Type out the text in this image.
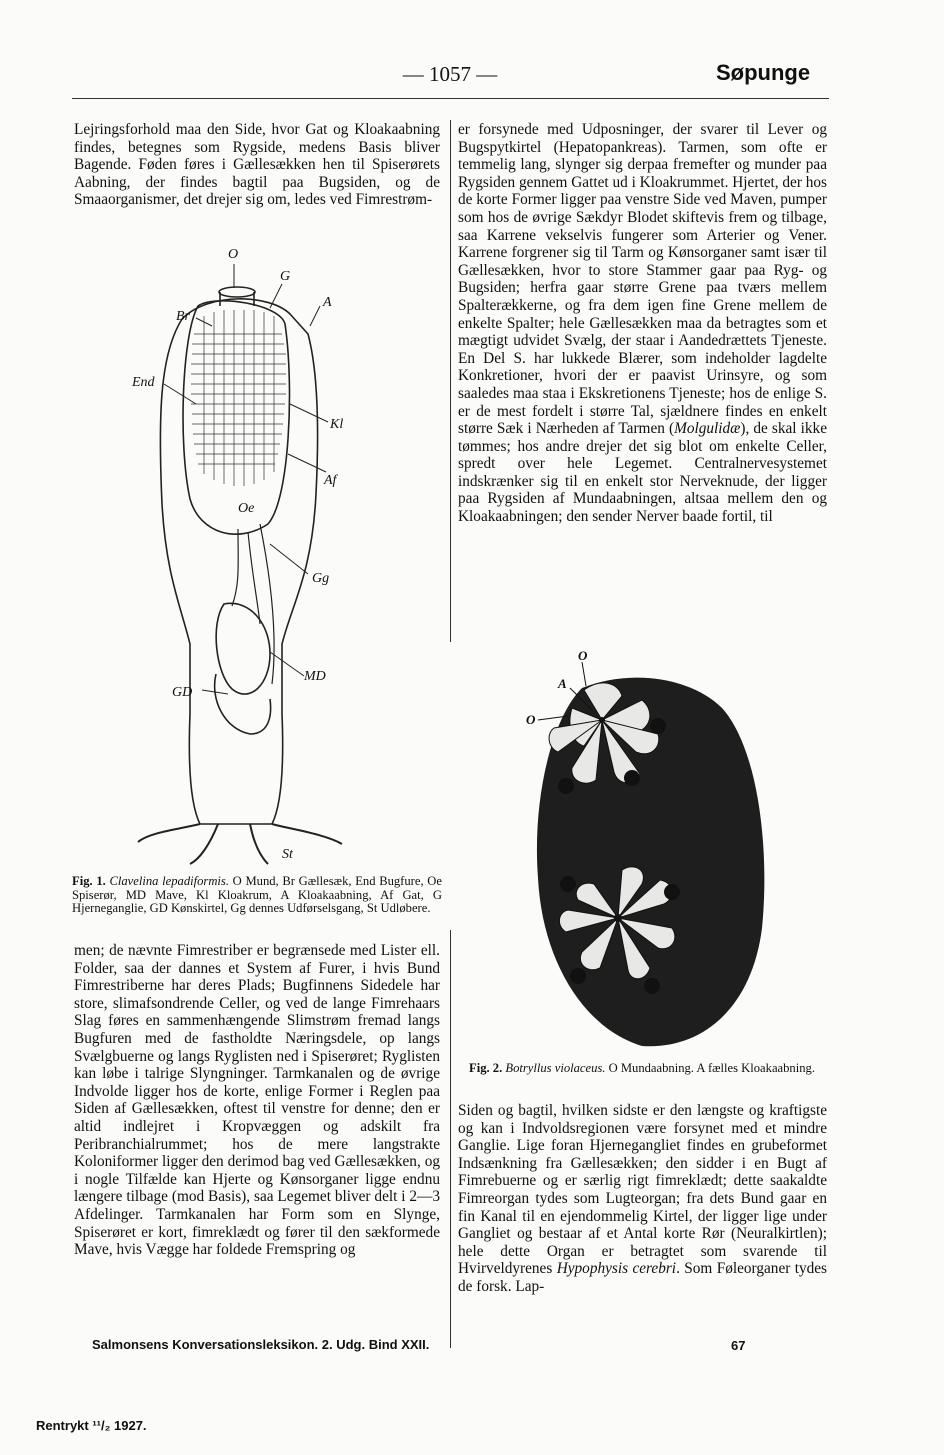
— 1057 —	Søpunge

Lejringsforhold maa den Side, hvor Gat og Kloakaabning findes, betegnes som Rygside, medens Basis bliver Bagende. Føden føres i Gællesækken hen til Spiserørets Aabning, der findes bagtil paa Bugsiden, og de Smaaorganismer, det drejer sig om, ledes ved Fimrestrøm-

O
G
Br
A
End
Kl
Af
Oe
Gg
MD
GD
St
Fig. 1. Clavelina lepadiformis. O Mund, Br Gællesæk, End Bugfure, Oe Spiserør, MD Mave, Kl Kloakrum, A Kloakaabning, Af Gat, G Hjerneganglie, GD Kønskirtel, Gg dennes Udførselsgang, St Udløbere.

men; de nævnte Fimrestriber er begrænsede med Lister ell. Folder, saa der dannes et System af Furer, i hvis Bund Fimrestriberne har deres Plads; Bugfinnens Sidedele har store, slimafsondrende Celler, og ved de lange Fimrehaars Slag føres en sammenhængende Slimstrøm fremad langs Bugfuren med de fastholdte Næringsdele, op langs Svælgbuerne og langs Ryglisten ned i Spiserøret; Ryglisten kan løbe i talrige Slyngninger. Tarmkanalen og de øvrige Indvolde ligger hos de korte, enlige Former i Reglen paa Siden af Gællesækken, oftest til venstre for denne; den er altid indlejret i Kropvæggen og adskilt fra Peribranchialrummet; hos de mere langstrakte Koloniformer ligger den derimod bag ved Gællesækken, og i nogle Tilfælde kan Hjerte og Kønsorganer ligge endnu længere tilbage (mod Basis), saa Legemet bliver delt i 2—3 Afdelinger. Tarmkanalen har Form som en Slynge, Spiserøret er kort, fimreklædt og fører til den sækformede Mave, hvis Vægge har foldede Fremspring og

er forsynede med Udposninger, der svarer til Lever og Bugspytkirtel (Hepatopankreas). Tarmen, som ofte er temmelig lang, slynger sig derpaa fremefter og munder paa Rygsiden gennem Gattet ud i Kloakrummet. Hjertet, der hos de korte Former ligger paa venstre Side ved Maven, pumper som hos de øvrige Sækdyr Blodet skiftevis frem og tilbage, saa Karrene vekselvis fungerer som Arterier og Vener. Karrene forgrener sig til Tarm og Kønsorganer samt især til Gællesækken, hvor to store Stammer gaar paa Ryg- og Bugsiden; herfra gaar større Grene paa tværs mellem Spalterækkerne, og fra dem igen fine Grene mellem de enkelte Spalter; hele Gællesækken maa da betragtes som et mægtigt udvidet Svælg, der staar i Aandedrættets Tjeneste. En Del S. har lukkede Blærer, som indeholder lagdelte Konkretioner, hvori der er paavist Urinsyre, og som saaledes maa staa i Ekskretionens Tjeneste; hos de enlige S. er de mest fordelt i større Tal, sjældnere findes en enkelt større Sæk i Nærheden af Tarmen (Molgulidæ), de skal ikke tømmes; hos andre drejer det sig blot om enkelte Celler, spredt over hele Legemet. Centralnervesystemet indskrænker sig til en enkelt stor Nerveknude, der ligger paa Rygsiden af Mundaabningen, altsaa mellem den og Kloakaabningen; den sender Nerver baade fortil, til

O
A
O
Fig. 2. Botryllus violaceus. O Mundaabning. A fælles Kloakaabning.

Siden og bagtil, hvilken sidste er den længste og kraftigste og kan i Indvoldsregionen være forsynet med et mindre Ganglie. Lige foran Hjernegangliet findes en grubeformet Indsænkning fra Gællesækken; den sidder i en Bugt af Fimrebuerne og er særlig rigt fimreklædt; dette saakaldte Fimreorgan tydes som Lugteorgan; fra dets Bund gaar en fin Kanal til en ejendommelig Kirtel, der ligger lige under Gangliet og bestaar af et Antal korte Rør (Neuralkirtlen); hele dette Organ er betragtet som svarende til Hvirveldyrenes Hypophysis cerebri. Som Føleorganer tydes de forsk. Lap-

Salmonsens Konversationsleksikon. 2. Udg. Bind XXII.	67
Rentrykt ¹¹/₂ 1927.
